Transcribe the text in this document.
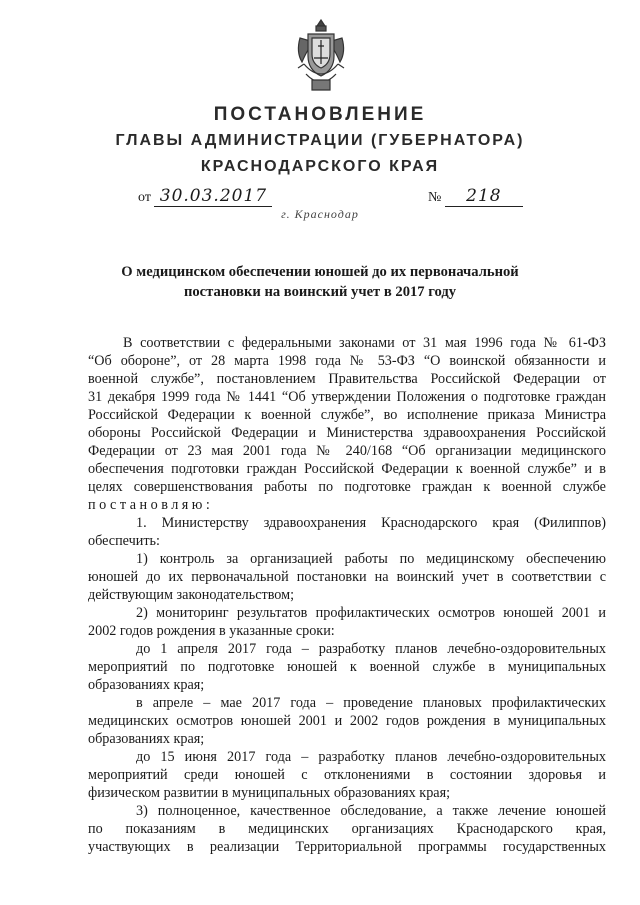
ПОСТАНОВЛЕНИЕ
ГЛАВЫ АДМИНИСТРАЦИИ (ГУБЕРНАТОРА)
КРАСНОДАРСКОГО КРАЯ
от 30.03.2017	№ 218
г. Краснодар
О медицинском обеспечении юношей до их первоначальной
постановки на воинский учет в 2017 году
В соответствии с федеральными законами от 31 мая 1996 года № 61-ФЗ
“Об обороне”, от 28 марта 1998 года № 53-ФЗ “О воинской обязанности и
военной службе”, постановлением Правительства Российской Федерации от
31 декабря 1999 года № 1441 “Об утверждении Положения о подготовке граждан
Российской Федерации к военной службе”, во исполнение приказа Министра
обороны Российской Федерации и Министерства здравоохранения Российской
Федерации от 23 мая 2001 года № 240/168 “Об организации медицинского
обеспечения подготовки граждан Российской Федерации к военной службе” и в
целях совершенствования работы по подготовке граждан к военной службе
постановляю:
1. Министерству здравоохранения Краснодарского края (Филиппов)
обеспечить:
1) контроль за организацией работы по медицинскому обеспечению
юношей до их первоначальной постановки на воинский учет в соответствии с
действующим законодательством;
2) мониторинг результатов профилактических осмотров юношей 2001 и
2002 годов рождения в указанные сроки:
до 1 апреля 2017 года – разработку планов лечебно-оздоровительных
мероприятий по подготовке юношей к военной службе в муниципальных
образованиях края;
в апреле – мае 2017 года – проведение плановых профилактических
медицинских осмотров юношей 2001 и 2002 годов рождения в муниципальных
образованиях края;
до 15 июня 2017 года – разработку планов лечебно-оздоровительных
мероприятий среди юношей с отклонениями в состоянии здоровья и
физическом развитии в муниципальных образованиях края;
3) полноценное, качественное обследование, а также лечение юношей
по показаниям в медицинских организациях Краснодарского края,
участвующих в реализации Территориальной программы государственных
